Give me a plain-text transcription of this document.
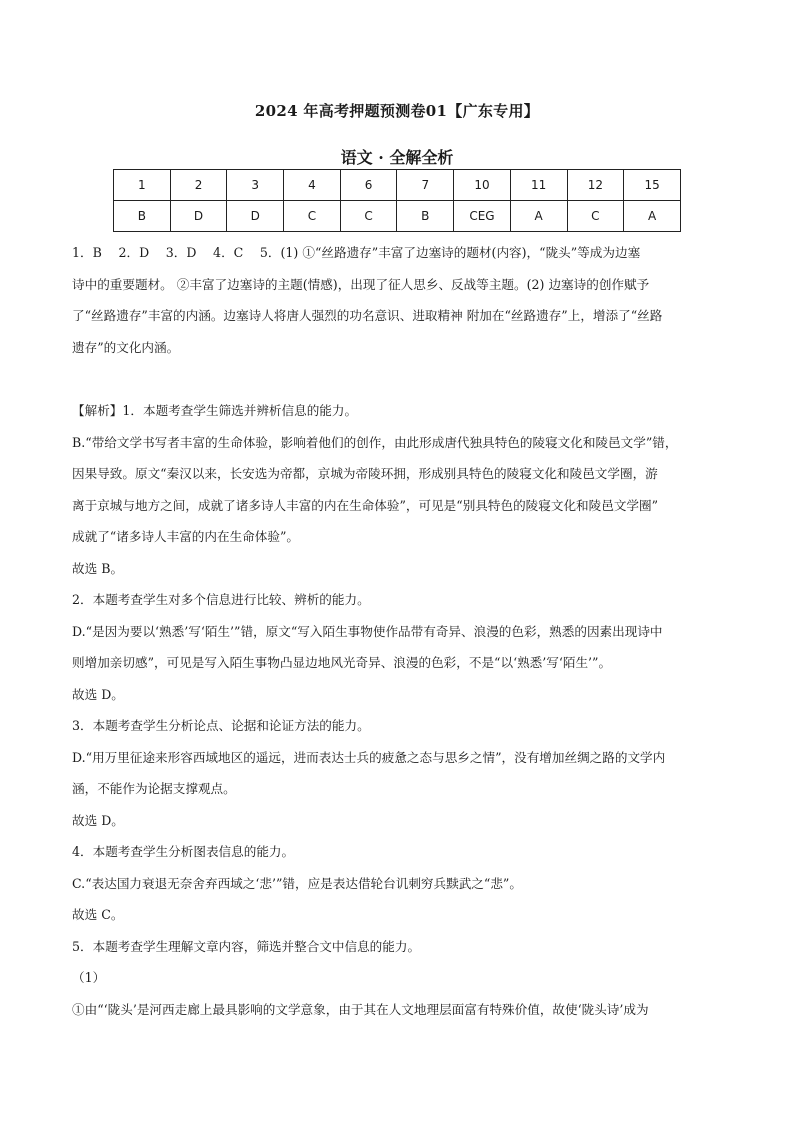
2024 年高考押题预测卷01【广东专用】
语文 · 全解全析
1	2	3	4	6	7	10	11	12	15
B	D	D	C	C	B	CEG	A	C	A
1．B　 2．D　 3．D　 4．C　 5．(1) ①“丝路遗存”丰富了边塞诗的题材(内容)，“陇头”等成为边塞
诗中的重要题材。 ②丰富了边塞诗的主题(情感)，出现了征人思乡、反战等主题。(2) 边塞诗的创作赋予
了“丝路遗存”丰富的内涵。边塞诗人将唐人强烈的功名意识、进取精神 附加在“丝路遗存”上，增添了“丝路
遗存”的文化内涵。
【解析】1．本题考查学生筛选并辨析信息的能力。
B.“带给文学书写者丰富的生命体验，影响着他们的创作，由此形成唐代独具特色的陵寝文化和陵邑文学”错，
因果导致。原文“秦汉以来，长安选为帝都，京城为帝陵环拥，形成别具特色的陵寝文化和陵邑文学圈，游
离于京城与地方之间，成就了诸多诗人丰富的内在生命体验”，可见是“别具特色的陵寝文化和陵邑文学圈”
成就了“诸多诗人丰富的内在生命体验”。
故选 B。
2．本题考查学生对多个信息进行比较、辨析的能力。
D.“是因为要以‘熟悉’写‘陌生’”错，原文“写入陌生事物使作品带有奇异、浪漫的色彩，熟悉的因素出现诗中
则增加亲切感”，可见是写入陌生事物凸显边地风光奇异、浪漫的色彩，不是“以‘熟悉’写‘陌生’”。
故选 D。
3．本题考查学生分析论点、论据和论证方法的能力。
D.“用万里征途来形容西域地区的遥远，进而表达士兵的疲惫之态与思乡之情”，没有增加丝绸之路的文学内
涵，不能作为论据支撑观点。
故选 D。
4．本题考查学生分析图表信息的能力。
C.“表达国力衰退无奈舍弃西域之‘悲’”错，应是表达借轮台讥刺穷兵黩武之“悲”。
故选 C。
5．本题考查学生理解文章内容，筛选并整合文中信息的能力。
（1）
①由“‘陇头’是河西走廊上最具影响的文学意象，由于其在人文地理层面富有特殊价值，故使‘陇头诗’成为
